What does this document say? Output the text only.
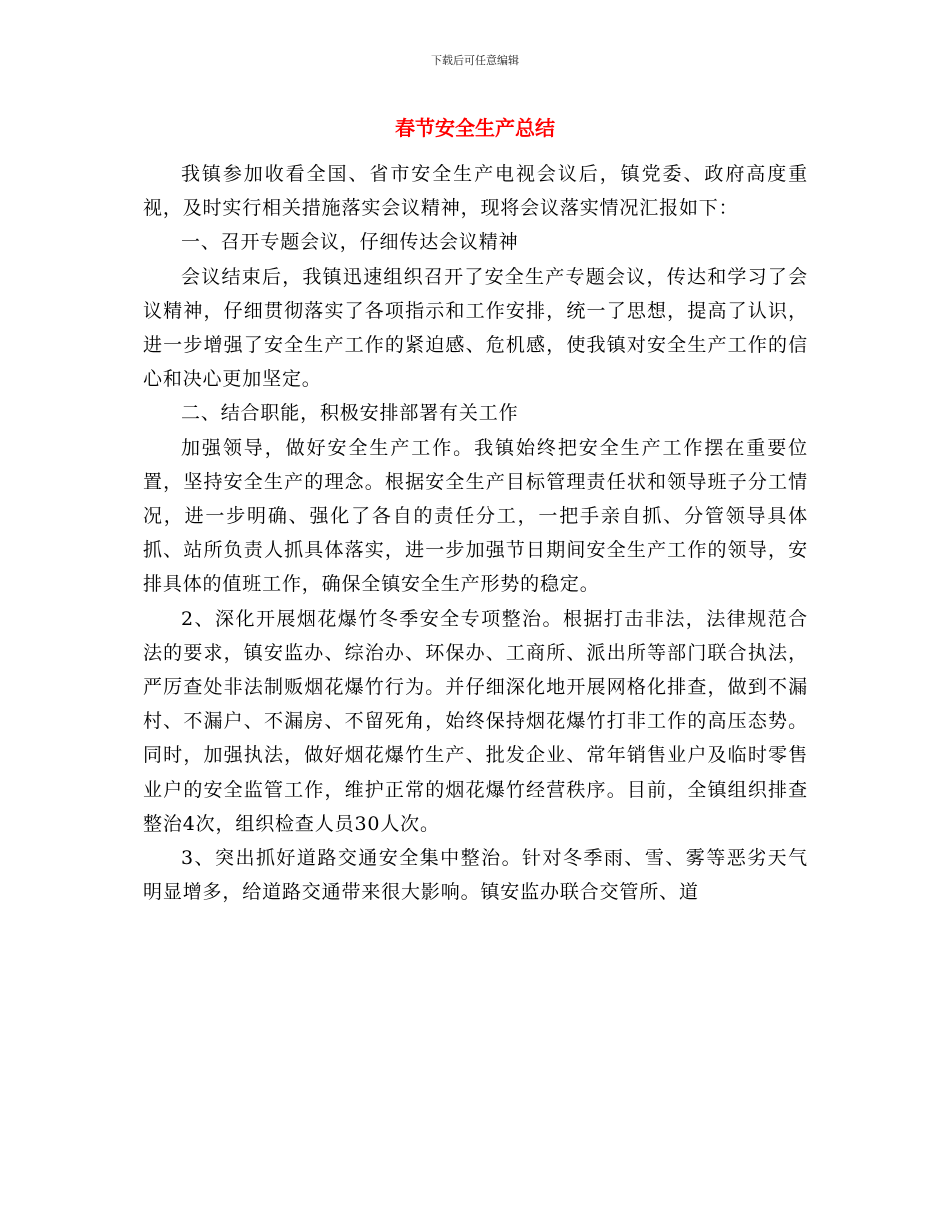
下载后可任意编辑
春节安全生产总结

我镇参加收看全国、省市安全生产电视会议后，镇党委、政府高度重视，及时实行相关措施落实会议精神，现将会议落实情况汇报如下：

一、召开专题会议，仔细传达会议精神

会议结束后，我镇迅速组织召开了安全生产专题会议，传达和学习了会议精神，仔细贯彻落实了各项指示和工作安排，统一了思想，提高了认识，进一步增强了安全生产工作的紧迫感、危机感，使我镇对安全生产工作的信心和决心更加坚定。

二、结合职能，积极安排部署有关工作

加强领导，做好安全生产工作。我镇始终把安全生产工作摆在重要位置，坚持安全生产的理念。根据安全生产目标管理责任状和领导班子分工情况，进一步明确、强化了各自的责任分工，一把手亲自抓、分管领导具体抓、站所负责人抓具体落实，进一步加强节日期间安全生产工作的领导，安排具体的值班工作，确保全镇安全生产形势的稳定。

2、深化开展烟花爆竹冬季安全专项整治。根据打击非法，法律规范合法的要求，镇安监办、综治办、环保办、工商所、派出所等部门联合执法，严厉查处非法制贩烟花爆竹行为。并仔细深化地开展网格化排查，做到不漏村、不漏户、不漏房、不留死角，始终保持烟花爆竹打非工作的高压态势。同时，加强执法，做好烟花爆竹生产、批发企业、常年销售业户及临时零售业户的安全监管工作，维护正常的烟花爆竹经营秩序。目前，全镇组织排查整治4次，组织检查人员30人次。

3、突出抓好道路交通安全集中整治。针对冬季雨、雪、雾等恶劣天气明显增多，给道路交通带来很大影响。镇安监办联合交管所、道
